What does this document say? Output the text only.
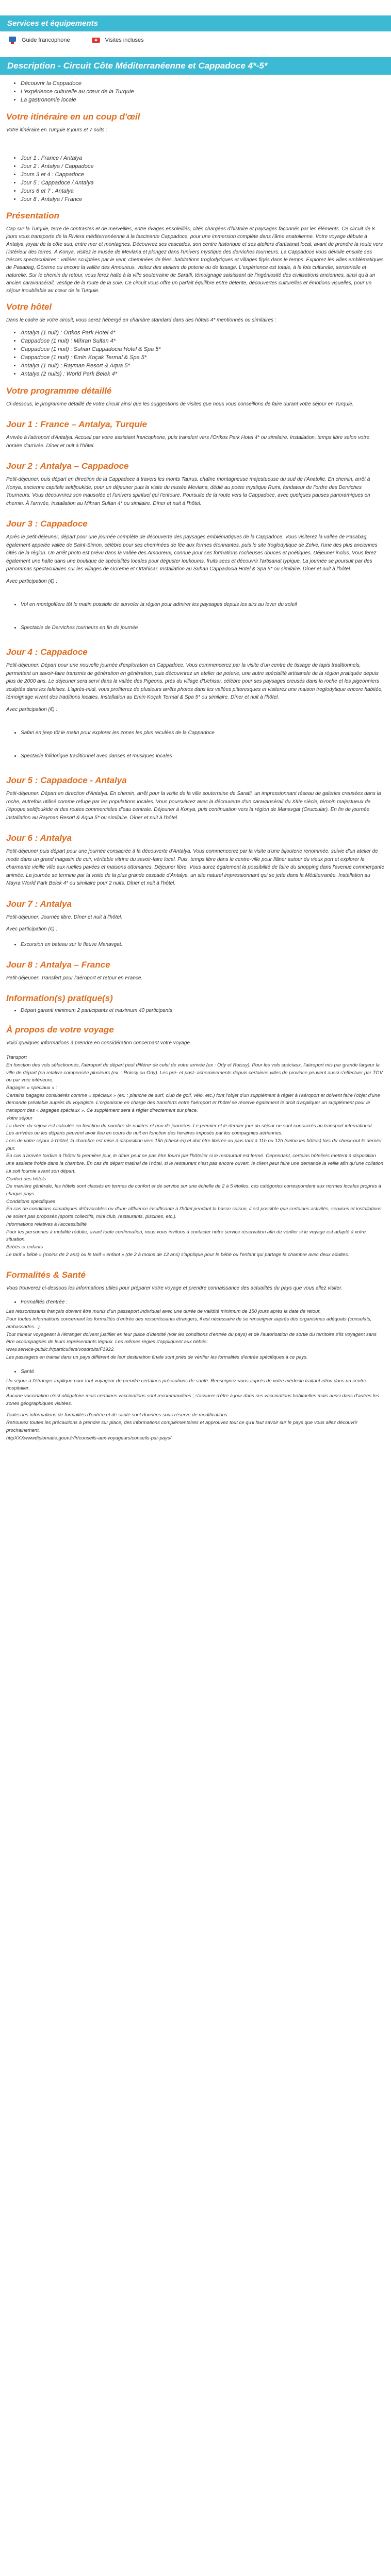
Services et équipements
Guide francophone	Visites incluses
Description - Circuit Côte Méditerranéenne et Cappadoce 4*-5*
• Découvrir la Cappadoce
• L'expérience culturelle au cœur de la Turquie
• La gastronomie locale
Votre itinéraire en un coup d'œil

Votre itinéraire en Turquie 8 jours et 7 nuits :

• Jour 1 : France / Antalya
• Jour 2 : Antalya / Cappadoce
• Jours 3 et 4 : Cappadoce
• Jour 5 : Cappadoce / Antalya
• Jours 6 et 7 : Antalya
• Jour 8 : Antalya / France
Présentation

Cap sur la Turquie, terre de contrastes et de merveilles, entre rivages ensoleillés, cités chargées d'histoire et paysages façonnés par les éléments. Ce circuit de 8 jours vous transporte de la Riviera méditerranéenne à la fascinante Cappadoce, pour une immersion complète dans l'âme anatolienne. Votre voyage débute à Antalya, joyau de la côte sud, entre mer et montagnes. Découvrez ses cascades, son centre historique et ses ateliers d'artisanat local, avant de prendre la route vers l'intérieur des terres. À Konya, visitez le musée de Mevlana et plongez dans l'univers mystique des derviches tourneurs. La Cappadoce vous dévoile ensuite ses trésors spectaculaires : vallées sculptées par le vent, cheminées de fées, habitations troglodytiques et villages figés dans le temps. Explorez les villes emblématiques de Pasabag, Göreme ou encore la vallée des Amoureux, visitez des ateliers de poterie ou de tissage. L'expérience est totale, à la fois culturelle, sensorielle et naturelle. Sur le chemin du retour, vous ferez halte à la ville souterraine de Saratli, témoignage saisissant de l'ingéniosité des civilisations anciennes, ainsi qu'à un ancien caravansérail, vestige de la route de la soie. Ce circuit vous offre un parfait équilibre entre détente, découvertes culturelles et émotions visuelles, pour un séjour inoubliable au cœur de la Turquie.

Votre hôtel

Dans le cadre de votre circuit, vous serez hébergé en chambre standard dans des hôtels 4* mentionnés ou similaires :

• Antalya (1 nuit) : Ortkos Park Hotel 4*
• Cappadoce (1 nuit) : Mihran Sultan 4*
• Cappadoce (1 nuit) : Suhan Cappadocia Hotel & Spa 5*
• Cappadoce (1 nuit) : Emin Koçak Termal & Spa 5*
• Antalya (1 nuit) : Rayman Resort & Aqua 5*
• Antalya (2 nuits) : World Park Belek 4*
Votre programme détaillé

Ci-dessous, le programme détaillé de votre circuit ainsi que les suggestions de visites que nous vous conseillons de faire durant votre séjour en Turquie.

Jour 1 : France – Antalya, Turquie
Arrivée à l'aéroport d'Antalya. Accueil par votre assistant francophone, puis transfert vers l'Ortkos Park Hotel 4* ou similaire. Installation, temps libre selon votre horaire d'arrivée. Dîner et nuit à l'hôtel.
Jour 2 : Antalya – Cappadoce
Petit-déjeuner, puis départ en direction de la Cappadoce à travers les monts Taurus, chaîne montagneuse majestueuse du sud de l'Anatolie. En chemin, arrêt à Konya, ancienne capitale seldjoukide, pour un déjeuner puis la visite du musée Mevlana, dédié au poète mystique Rumi, fondateur de l'ordre des Derviches Tourneurs. Vous découvrirez son mausolée et l'univers spirituel qui l'entoure. Poursuite de la route vers la Cappadoce, avec quelques pauses panoramiques en chemin. À l'arrivée, installation au Mihran Sultan 4* ou similaire. Dîner et nuit à l'hôtel.
Jour 3 : Cappadoce
Après le petit-déjeuner, départ pour une journée complète de découverte des paysages emblématiques de la Cappadoce. Vous visiterez la vallée de Pasabag, également appelée vallée de Saint-Simon, célèbre pour ses cheminées de fée aux formes étonnantes, puis le site troglodytique de Zelve, l'une des plus anciennes cités de la région. Un arrêt photo est prévu dans la vallée des Amoureux, connue pour ses formations rocheuses douces et poétiques. Déjeuner inclus. Vous ferez également une halte dans une boutique de spécialités locales pour déguster loukoums, fruits secs et découvrir l'artisanat typique. La journée se poursuit par des panoramas spectaculaires sur les villages de Göreme et Ortahisar. Installation au Suhan Cappadocia Hotel & Spa 5* ou similaire. Dîner et nuit à l'hôtel.
Avec participation (€) :
• Vol en montgolfière tôt le matin possible de survoler la région pour admirer les paysages depuis les airs au lever du soleil
• Spectacle de Derviches tourneurs en fin de journée
Jour 4 : Cappadoce
Petit-déjeuner. Départ pour une nouvelle journée d'exploration en Cappadoce. Vous commencerez par la visite d'un centre de tissage de tapis traditionnels, permettant un savoir-faire transmis de génération en génération, puis découvrirez un atelier de poterie, une autre spécialité artisanale de la région pratiquée depuis plus de 2000 ans. Le déjeuner sera servi dans la vallée des Pigeons, près du village d'Uchisar, célèbre pour ses paysages creusés dans la roche et les pigeonniers sculptés dans les falaises. L'après-midi, vous profiterez de plusieurs arrêts photos dans les vallées pittoresques et visiterez une maison troglodytique encore habitée, témoignage vivant des traditions locales. Installation au Emin Koçak Termal & Spa 5* ou similaire. Dîner et nuit à l'hôtel.
Avec participation (€) :
• Safari en jeep tôt le matin pour explorer les zones les plus reculées de la Cappadoce
• Spectacle folklorique traditionnel avec danses et musiques locales
Jour 5 : Cappadoce - Antalya
Petit-déjeuner. Départ en direction d'Antalya. En chemin, arrêt pour la visite de la ville souterraine de Saratli, un impressionnant réseau de galeries creusées dans la roche, autrefois utilisé comme refuge par les populations locales. Vous poursuivrez avec la découverte d'un caravansérail du XIIIe siècle, témoin majestueux de l'époque seldjoukide et des routes commerciales d'eau centrale. Déjeuner à Konya, puis continuation vers la région de Manavgat (Oruccular). En fin de journée installation au Rayman Resort & Aqua 5* ou similaire. Dîner et nuit à l'hôtel.
Jour 6 : Antalya
Petit-déjeuner puis départ pour une journée consacrée à la découverte d'Antalya. Vous commencerez par la visite d'une bijouterie renommée, suivie d'un atelier de mode dans un grand magasin de cuir, véritable vitrine du savoir-faire local. Puis, temps libre dans le centre-ville pour flâner autour du vieux port et explorer la charmante vieille ville aux ruelles pavées et maisons ottomanes. Déjeuner libre. Vous aurez également la possibilité de faire du shopping dans l'avenue commerçante animée. La journée se termine par la visite de la plus grande cascade d'Antalya, un site naturel impressionnant qui se jette dans la Méditerranée. Installation au Mayra World Park Belek 4* ou similaire pour 2 nuits. Dîner et nuit à l'hôtel.
Jour 7 : Antalya
Petit-déjeuner. Journée libre. Dîner et nuit à l'hôtel.
Avec participation (€) :
• Excursion en bateau sur le fleuve Manavgat.
Jour 8 : Antalya – France
Petit-déjeuner. Transfert pour l'aéroport et retour en France.
Information(s) pratique(s)
• Départ garanti minimum 2 participants et maximum 40 participants
À propos de votre voyage

Voici quelques informations à prendre en considération concernant votre voyage.

Transport
En fonction des vols sélectionnés, l'aéroport de départ peut différer de celui de votre arrivée (ex : Orly et Roissy). Pour les vols spéciaux, l'aéroport mis par grande largeur la ville de départ (en relative compensée plusieurs (ex. : Roissy ou Orly). Les pré- et post- acheminements depuis certaines villes de province peuvent aussi s'effectuer par TGV ou par voie intérieure.
Bagages « spéciaux » :
Certains bagages considérés comme « spéciaux » (ex. : planche de surf, club de golf, vélo, etc.) font l'objet d'un supplément à régler à l'aéroport et doivent faire l'objet d'une demande préalable auprès du voyagiste. L'organisme en charge des transferts entre l'aéroport et l'hôtel se réserve également le droit d'appliquer un supplément pour le transport des « bagages spéciaux ». Ce supplément sera à régler directement sur place.
Votre séjour
La durée du séjour est calculée en fonction du nombre de nuitées et non de journées. Le premier et le dernier jour du séjour ne sont consacrés au transport international.
Les arrivées ou les départs peuvent avoir lieu en cours de nuit en fonction des horaires imposés par les compagnies aériennes.
Lors de votre séjour à l'hôtel, la chambre est mise à disposition vers 15h (check-in) et doit être libérée au plus tard à 11h ou 12h (selon les hôtels) lors du check-out le dernier jour.
En cas d'arrivée tardive à l'hôtel la première jour, le dîner peut ne pas être fourni par l'hôtelier si le restaurant est fermé. Cependant, certains hôteliers mettent à disposition une assiette froide dans la chambre. En cas de départ matinal de l'hôtel, si le restaurant n'est pas encore ouvert, le client peut faire une demande la veille afin qu'une collation lui soit fournie avant son départ.
Confort des hôtels
De manière générale, les hôtels sont classés en termes de confort et de service sur une échelle de 2 à 5 étoiles, ces catégories correspondent aux normes locales propres à chaque pays.
Conditions spécifiques
En cas de conditions climatiques défavorables ou d'une affluence insuffisante à l'hôtel pendant la basse saison, il est possible que certaines activités, services et installations ne soient pas proposés (sports collectifs, mini club, restaurants, piscines, etc.).
Informations relatives à l'accessibilité
Pour les personnes à mobilité réduite, avant toute confirmation, nous vous invitons à contacter notre service réservation afin de vérifier si le voyage est adapté à votre situation.
Bébés et enfants
Le tarif « bébé » (moins de 2 ans) ou le tarif « enfant » (de 2 à moins de 12 ans) s'applique pour le bébé ou l'enfant qui partage la chambre avec deux adultes.
Formalités & Santé

Vous trouverez ci-dessous les informations utiles pour préparer votre voyage et prendre connaissance des actualités du pays que vous allez visiter.

• Formalités d'entrée :
Les ressortissants français doivent être munis d'un passeport individuel avec une durée de validité minimum de 150 jours après la date de retour.
Pour toutes informations concernant les formalités d'entrée des ressortissants étrangers, il est nécessaire de se renseigner auprès des organismes adéquats (consulats, ambassades...).
Tout mineur voyageant à l'étranger doivent justifier en leur place d'identité (voir les conditions d'entrée du pays) et de l'autorisation de sortie du territoire s'ils voyagent sans être accompagnés de leurs représentants légaux. Les mêmes règles s'appliquent aux bébés.
www.service-public.fr/particuliers/vosdroits/F1922.
Les passagers en transit dans un pays différent de leur destination finale sont priés de vérifier les formalités d'entrée spécifiques à ce pays.
• Santé
Un séjour à l'étranger implique pour tout voyageur de prendre certaines précautions de santé. Renseignez-vous auprès de votre médecin traitant et/ou dans un centre hospitalier.
Aucune vaccination n'est obligatoire mais certaines vaccinations sont recommandées ; s'assurer d'être à jour dans ses vaccinations habituelles mais aussi dans d'autres les zones géographiques visitées.
Toutes les informations de formalités d'entrée et de santé sont données sous réserve de modifications.
Retrouvez toutes les précautions à prendre sur place, des informations complémentaires et approuvez tout ce qu'il faut savoir sur le pays que vous allez découvrir prochainement.
httpXXXwwwdiplomatie.gouv.fr/fr/conseils-aux-voyageurs/conseils-par-pays/
